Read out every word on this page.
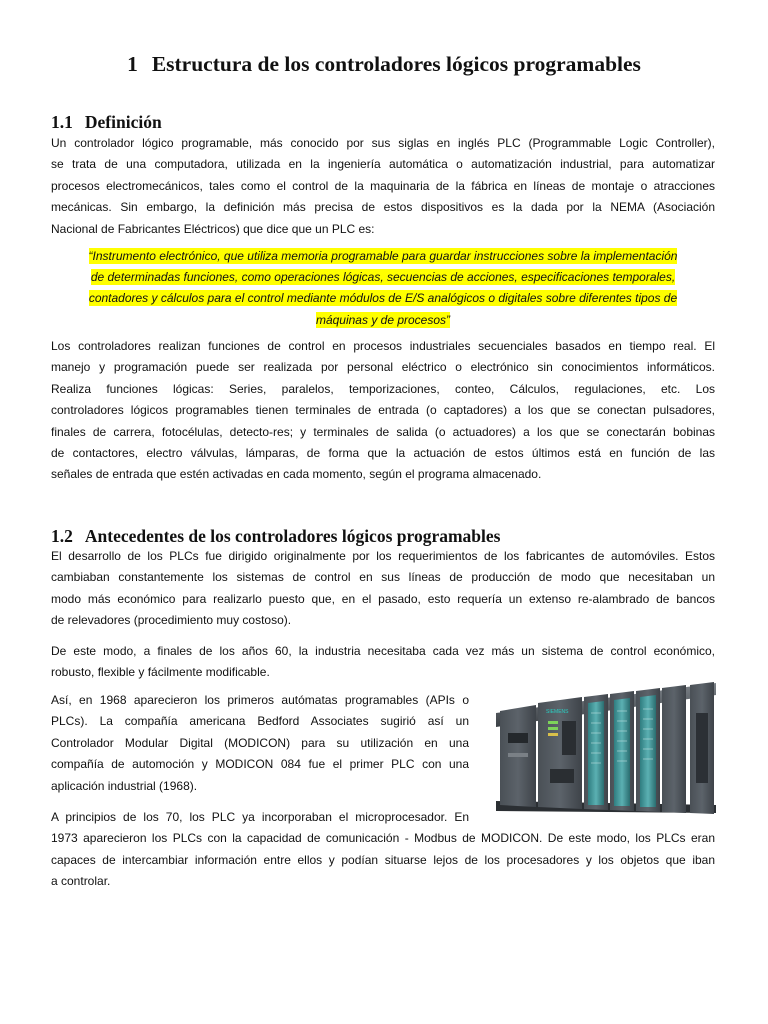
1 Estructura de los controladores lógicos programables
1.1 Definición
Un controlador lógico programable, más conocido por sus siglas en inglés PLC (Programmable Logic Controller),
se trata de una computadora, utilizada en la ingeniería automática o automatización industrial, para automatizar
procesos electromecánicos, tales como el control de la maquinaria de la fábrica en líneas de montaje o atracciones
mecánicas. Sin embargo, la definición más precisa de estos dispositivos es la dada por la NEMA (Asociación
Nacional de Fabricantes Eléctricos) que dice que un PLC es:
“Instrumento electrónico, que utiliza memoria programable para guardar instrucciones sobre la implementación
de determinadas funciones, como operaciones lógicas, secuencias de acciones, especificaciones temporales,
contadores y cálculos para el control mediante módulos de E/S analógicos o digitales sobre diferentes tipos de
máquinas y de procesos”
Los controladores realizan funciones de control en procesos industriales secuenciales basados en tiempo real. El
manejo y programación puede ser realizada por personal eléctrico o electrónico sin conocimientos informáticos.
Realiza funciones lógicas: Series, paralelos, temporizaciones, conteo, Cálculos, regulaciones, etc. Los
controladores lógicos programables tienen terminales de entrada (o captadores) a los que se conectan pulsadores,
finales de carrera, fotocélulas, detecto-res; y terminales de salida (o actuadores) a los que se conectarán bobinas
de contactores, electro válvulas, lámparas, de forma que la actuación de estos últimos está en función de las
señales de entrada que estén activadas en cada momento, según el programa almacenado.
1.2 Antecedentes de los controladores lógicos programables
El desarrollo de los PLCs fue dirigido originalmente por los requerimientos de los fabricantes de automóviles. Estos
cambiaban constantemente los sistemas de control en sus líneas de producción de modo que necesitaban un
modo más económico para realizarlo puesto que, en el pasado, esto requería un extenso re-alambrado de bancos
de relevadores (procedimiento muy costoso).
De este modo, a finales de los años 60, la industria necesitaba cada vez más un sistema de control económico,
robusto, flexible y fácilmente modificable.
Así, en 1968 aparecieron los primeros autómatas programables (APIs o
PLCs). La compañía americana Bedford Associates sugirió así un
Controlador Modular Digital (MODICON) para su utilización en una
compañía de automoción y MODICON 084 fue el primer PLC con una
aplicación industrial (1968).
A principios de los 70, los PLC ya incorporaban el microprocesador. En
1973 aparecieron los PLCs con la capacidad de comunicación - Modbus de MODICON. De este modo, los PLCs eran
capaces de intercambiar información entre ellos y podían situarse lejos de los procesadores y los objetos que iban
a controlar.
SIEMENS
